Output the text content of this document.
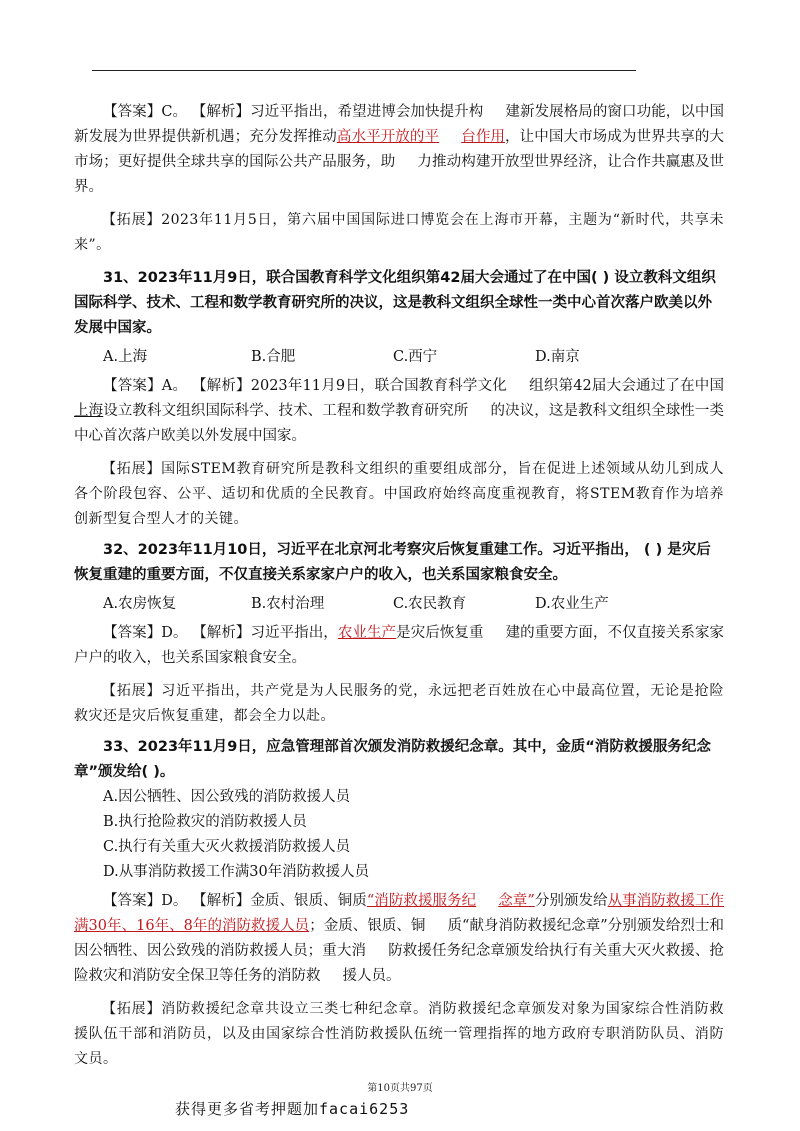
【答案】C。 【解析】习近平指出，希望进博会加快提升构 建新发展格局的窗口功能，以中国新发展为世界提供新机遇；充分发挥推动高水平开放的平 台作用，让中国大市场成为世界共享的大市场；更好提供全球共享的国际公共产品服务，助 力推动构建开放型世界经济，让合作共赢惠及世界。

【拓展】2023年11月5日，第六届中国国际进口博览会在上海市开幕，主题为“新时代，共享未来”。

31、2023年11月9日，联合国教育科学文化组织第42届大会通过了在中国( ) 设立教科文组织国际科学、技术、工程和数学教育研究所的决议，这是教科文组织全球性一类中心首次落户欧美以外发展中国家。

A.上海	B.合肥	C.西宁	D.南京

【答案】A。 【解析】2023年11月9日，联合国教育科学文化 组织第42届大会通过了在中国上海设立教科文组织国际科学、技术、工程和数学教育研究所 的决议，这是教科文组织全球性一类中心首次落户欧美以外发展中国家。

【拓展】国际STEM教育研究所是教科文组织的重要组成部分，旨在促进上述领域从幼儿到成人各个阶段包容、公平、适切和优质的全民教育。中国政府始终高度重视教育，将STEM教育作为培养创新型复合型人才的关键。

32、2023年11月10日，习近平在北京河北考察灾后恢复重建工作。习近平指出， ( ) 是灾后恢复重建的重要方面，不仅直接关系家家户户的收入，也关系国家粮食安全。

A.农房恢复	B.农村治理	C.农民教育	D.农业生产

【答案】D。 【解析】习近平指出，农业生产是灾后恢复重 建的重要方面，不仅直接关系家家户户的收入，也关系国家粮食安全。

【拓展】习近平指出，共产党是为人民服务的党，永远把老百姓放在心中最高位置，无论是抢险救灾还是灾后恢复重建，都会全力以赴。

33、2023年11月9日，应急管理部首次颁发消防救援纪念章。其中，金质“消防救援服务纪念章”颁发给( )。

A.因公牺牲、因公致残的消防救援人员

B.执行抢险救灾的消防救援人员

C.执行有关重大灭火救援消防救援人员

D.从事消防救援工作满30年消防救援人员

【答案】D。 【解析】金质、银质、铜质“消防救援服务纪 念章”分别颁发给从事消防救援工作满30年、16年、8年的消防救援人员；金质、银质、铜 质“献身消防救援纪念章”分别颁发给烈士和因公牺牲、因公致残的消防救援人员；重大消 防救援任务纪念章颁发给执行有关重大灭火救援、抢险救灾和消防安全保卫等任务的消防救 援人员。

【拓展】消防救援纪念章共设立三类七种纪念章。消防救援纪念章颁发对象为国家综合性消防救援队伍干部和消防员，以及由国家综合性消防救援队伍统一管理指挥的地方政府专职消防队员、消防文员。

第10页共97页
获得更多省考押题加facai6253
